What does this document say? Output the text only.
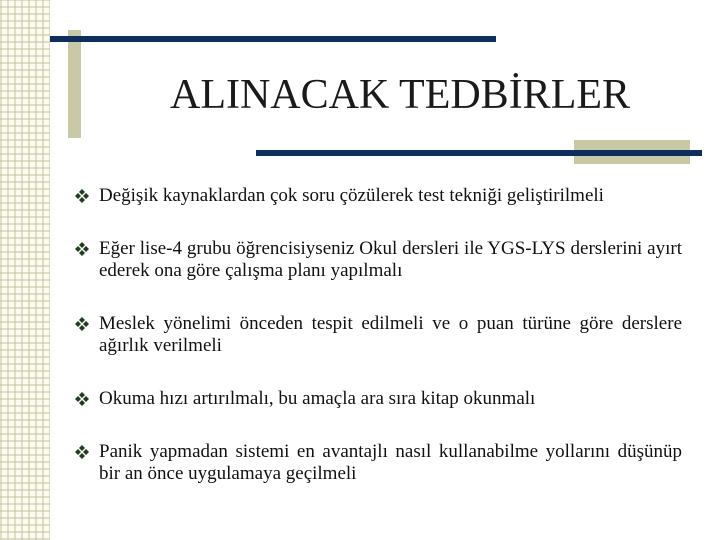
ALINACAK TEDBİRLER
Değişik kaynaklardan çok soru çözülerek test tekniği geliştirilmeli
Eğer lise-4 grubu öğrencisiyseniz Okul dersleri ile YGS-LYS derslerini ayırt ederek ona göre çalışma planı yapılmalı
Meslek yönelimi önceden tespit edilmeli ve o puan türüne göre derslere ağırlık verilmeli
Okuma hızı artırılmalı, bu amaçla ara sıra kitap okunmalı
Panik yapmadan sistemi en avantajlı nasıl kullanabilme yollarını düşünüp bir an önce uygulamaya geçilmeli
